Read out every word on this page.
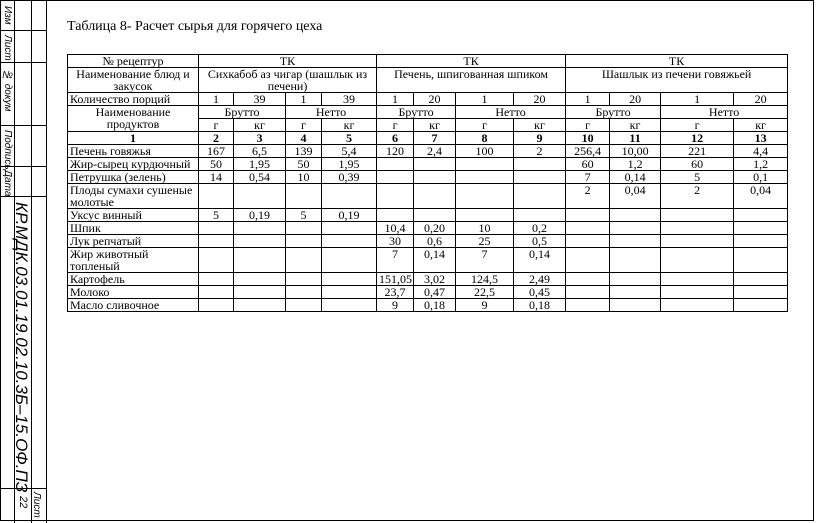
Изм
Лист
№ докум
Подпись
Дата
Лист
22
КР.МДК.03.01.19.02.10.3Б–15.ОФ.ПЗ
Таблица 8- Расчет сырья для горячего цеха
№ рецептур	ТК				ТК				ТК			
Наименование блюд и закусок	Сихкабоб аз чигар (шашлык из печени)				Печень, шпигованная шпиком				Шашлык из печени говяжьей			
Количество порций	1	39	1	39	1	20	1	20	1	20	1	20
Наименование продуктов	Брутто		Нетто		Брутто		Нетто		Брутто		Нетто	
	г	кг	г	кг	г	кг	г	кг	г	кг	г	кг
1	2	3	4	5	6	7	8	9	10	11	12	13
Печень говяжья	167	6,5	139	5,4	120	2,4	100	2	256,4	10,00	221	4,4
Жир-сырец курдючный	50	1,95	50	1,95					60	1,2	60	1,2
Петрушка (зелень)	14	0,54	10	0,39					7	0,14	5	0,1
Плоды сумахи сушеные молотые									2	0,04	2	0,04
Уксус винный	5	0,19	5	0,19								
Шпик					10,4	0,20	10	0,2				
Лук репчатый					30	0,6	25	0,5				
Жир животный топленый					7	0,14	7	0,14				
Картофель					151,05	3,02	124,5	2,49				
Молоко					23,7	0,47	22,5	0,45				
Масло сливочное					9	0,18	9	0,18				
